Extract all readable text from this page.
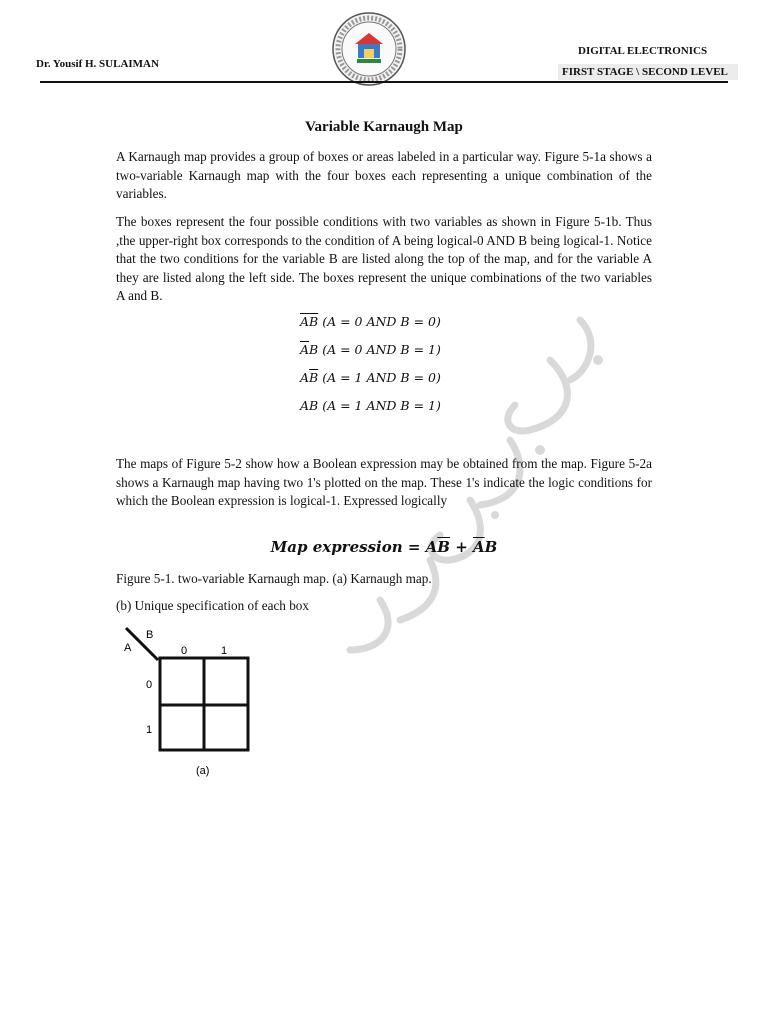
Dr. Yousif H. SULAIMAN
DIGITAL ELECTRONICS
FIRST STAGE \ SECOND LEVEL
Variable Karnaugh Map
A Karnaugh map provides a group of boxes or areas labeled in a particular way. Figure 5-1a shows a two-variable Karnaugh map with the four boxes each representing a unique combination of the variables.
The boxes represent the four possible conditions with two variables as shown in Figure 5-1b. Thus ,the upper-right box corresponds to the condition of A being logical-0 AND B being logical-1. Notice that the two conditions for the variable B are listed along the top of the map, and for the variable A they are listed along the left side. The boxes represent the unique combinations of the two variables A and B.
$\overline{A}\overline{B}$ (A = 0 AND B = 0)
$\overline{A}B$ (A = 0 AND B = 1)
$A\overline{B}$ (A = 1 AND B = 0)
AB (A = 1 AND B = 1)
The maps of Figure 5-2 show how a Boolean expression may be obtained from the map. Figure 5-2a shows a Karnaugh map having two 1's plotted on the map. These 1's indicate the logic conditions for which the Boolean expression is logical-1. Expressed logically
Map expression = $A\overline{B} + \overline{A}B$
Figure 5-1. two-variable Karnaugh map. (a) Karnaugh map.
(b) Unique specification of each box
B
A	0	1
0
1
(a)
